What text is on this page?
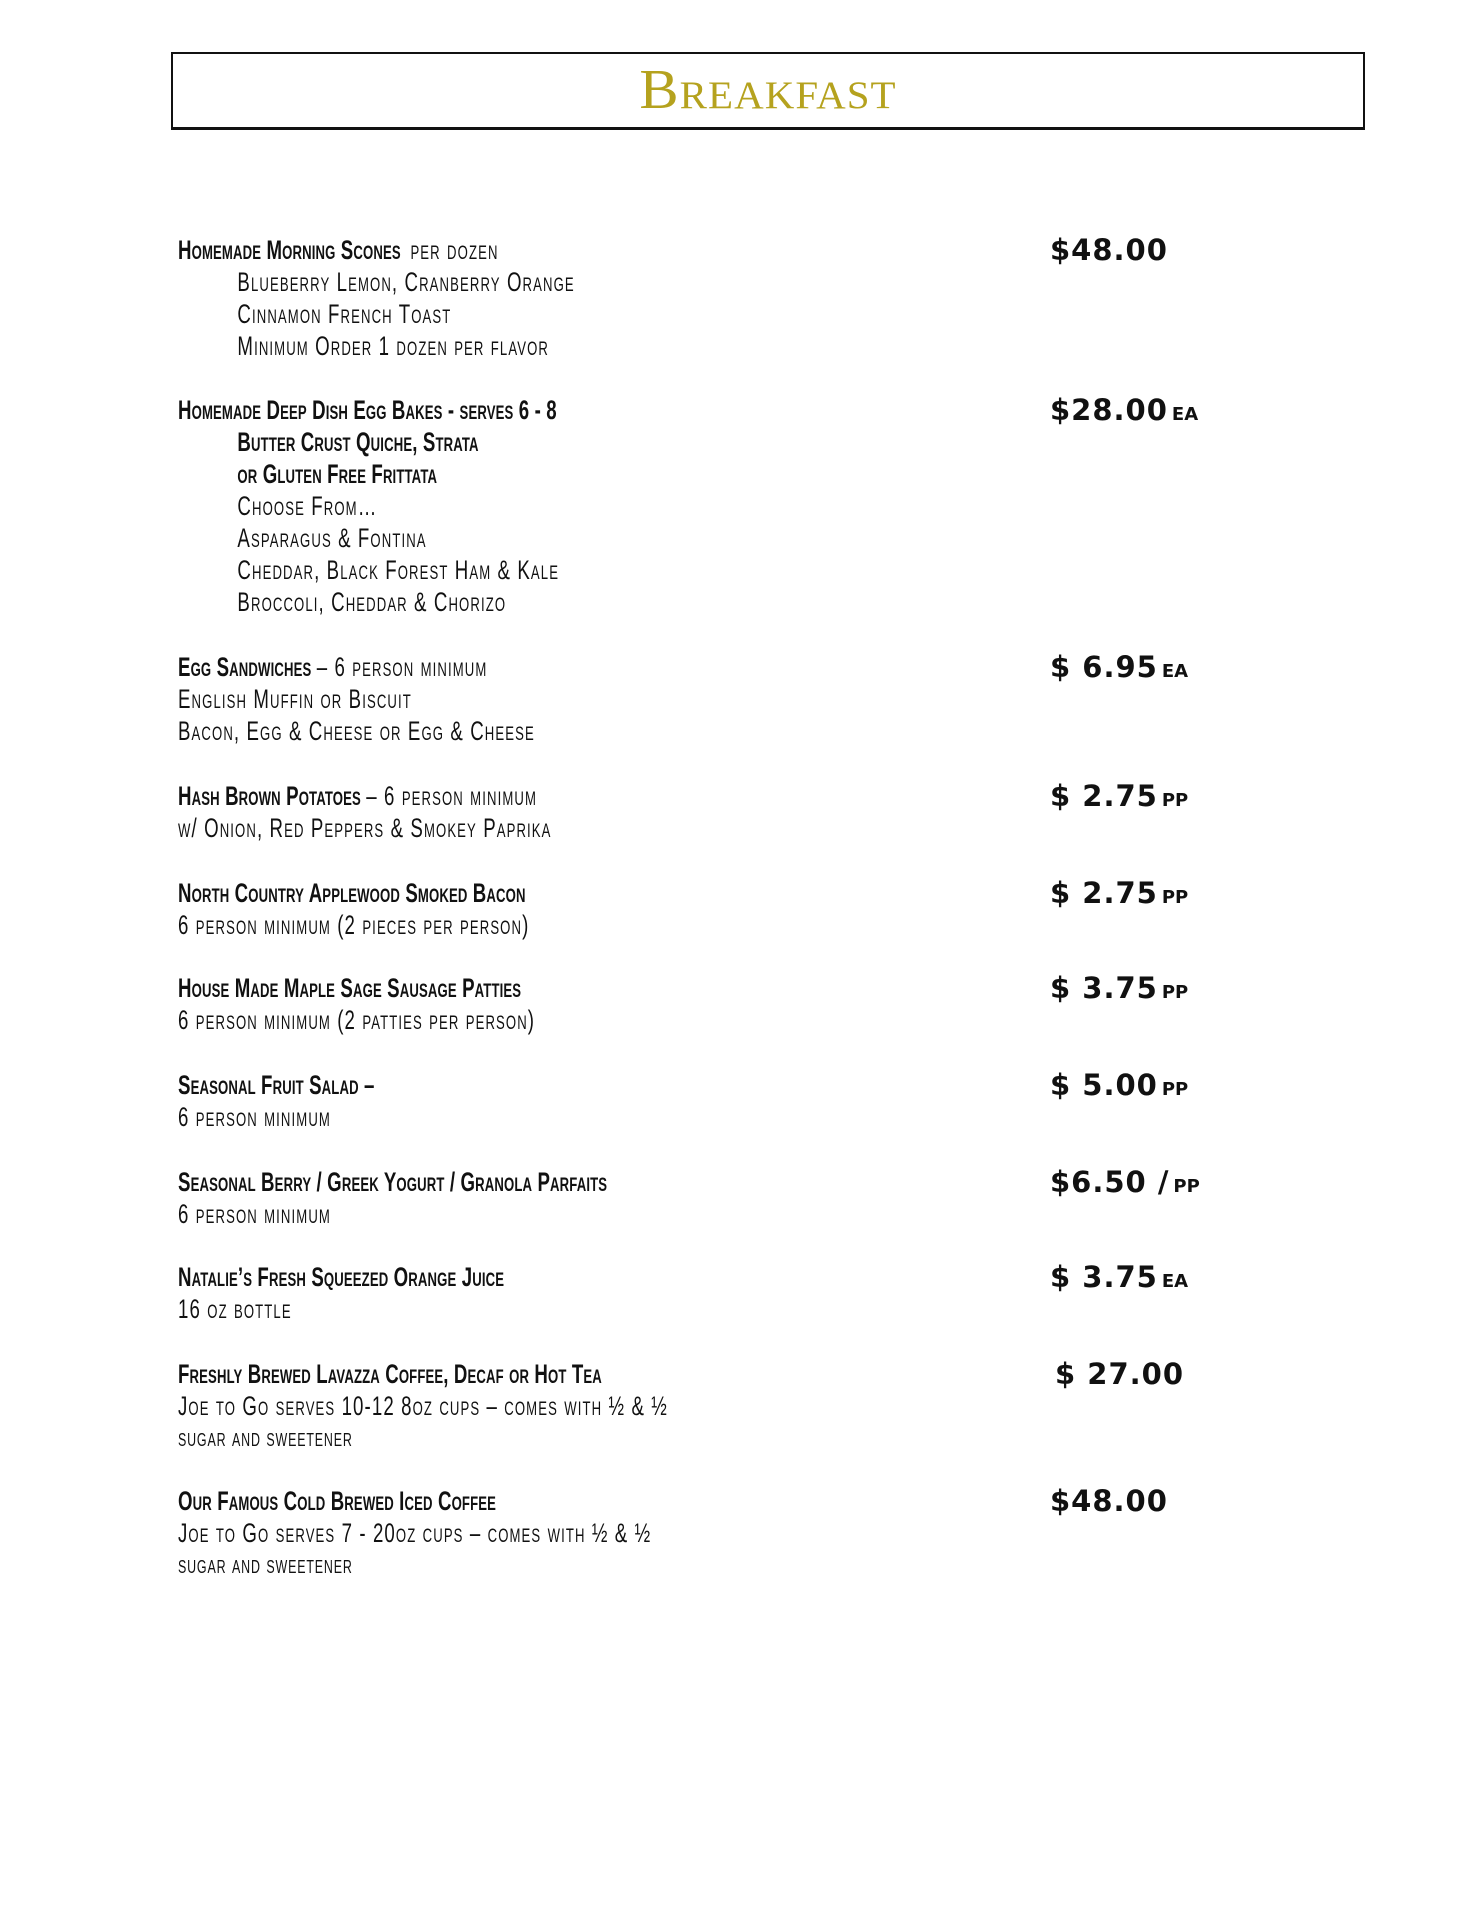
Breakfast
Homemade Morning Scones per dozen
Blueberry Lemon, Cranberry Orange
Cinnamon French Toast
Minimum Order 1 dozen per flavor
$48.00
Homemade Deep Dish Egg Bakes - serves 6 - 8
Butter Crust Quiche, Strata
or Gluten Free Frittata
Choose From…
Asparagus & Fontina
Cheddar, Black Forest Ham & Kale
Broccoli, Cheddar & Chorizo
$28.00 ea
Egg Sandwiches – 6 person minimum
English Muffin or Biscuit
Bacon, Egg & Cheese or Egg & Cheese
$ 6.95 ea
Hash Brown Potatoes – 6 person minimum
w/ Onion, Red Peppers & Smokey Paprika
$ 2.75 pp
North Country Applewood Smoked Bacon
6 person minimum (2 pieces per person)
$ 2.75 pp
House Made Maple Sage Sausage Patties
6 person minimum (2 patties per person)
$ 3.75 pp
Seasonal Fruit Salad –
6 person minimum
$ 5.00 pp
Seasonal Berry / Greek Yogurt / Granola Parfaits
6 person minimum
$6.50 / pp
Natalie’s Fresh Squeezed Orange Juice
16 oz bottle
$ 3.75 ea
Freshly Brewed Lavazza Coffee, Decaf or Hot Tea
Joe to Go serves 10-12 8oz cups – comes with ½ & ½
sugar and sweetener
$ 27.00
Our Famous Cold Brewed Iced Coffee
Joe to Go serves 7 - 20oz cups – comes with ½ & ½
sugar and sweetener
$48.00
